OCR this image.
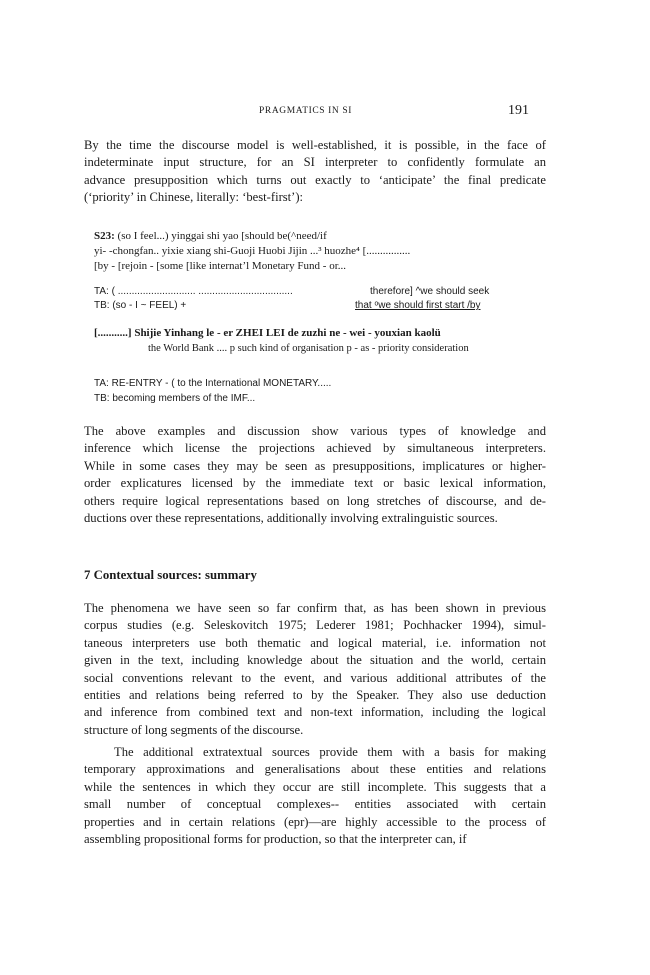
PRAGMATICS IN SI	191
By the time the discourse model is well-established, it is possible, in the face of
indeterminate input structure, for an SI interpreter to confidently formulate an
advance presupposition which turns out exactly to ‘anticipate’ the final predicate
(‘priority’ in Chinese, literally: ‘best-first’):
S23: (so I feel...) yinggai shi yao [should be(^need/if
yi- -chongfan.. yixie xiang shi-Guoji Huobi Jijin ...³ huozhe⁴ [................
[by - [rejoin - [some [like internat’l Monetary Fund - or...
TA: ( ............................ ..................................	therefore] ^we should seek
TB: (so - I ~ FEEL) +	that ᵒwe should first start /by
[...........] Shijie Yinhang le - er ZHEI LEI de zuzhi ne - wei - youxian kaolü
the World Bank .... p such kind of organisation p - as - priority consideration
TA: RE-ENTRY - ( to the International MONETARY.....
TB: becoming members of the IMF...
The above examples and discussion show various types of knowledge and
inference which license the projections achieved by simultaneous interpreters.
While in some cases they may be seen as presuppositions, implicatures or higher-
order explicatures licensed by the immediate text or basic lexical information,
others require logical representations based on long stretches of discourse, and de-
ductions over these representations, additionally involving extralinguistic sources.
7 Contextual sources: summary
The phenomena we have seen so far confirm that, as has been shown in previous
corpus studies (e.g. Seleskovitch 1975; Lederer 1981; Pochhacker 1994), simul-
taneous interpreters use both thematic and logical material, i.e. information not
given in the text, including knowledge about the situation and the world, certain
social conventions relevant to the event, and various additional attributes of the
entities and relations being referred to by the Speaker. They also use deduction
and inference from combined text and non-text information, including the logical
structure of long segments of the discourse.
The additional extratextual sources provide them with a basis for making
temporary approximations and generalisations about these entities and relations
while the sentences in which they occur are still incomplete. This suggests that a
small number of conceptual complexes-- entities associated with certain
properties and in certain relations (epr)—are highly accessible to the process of
assembling propositional forms for production, so that the interpreter can, if
